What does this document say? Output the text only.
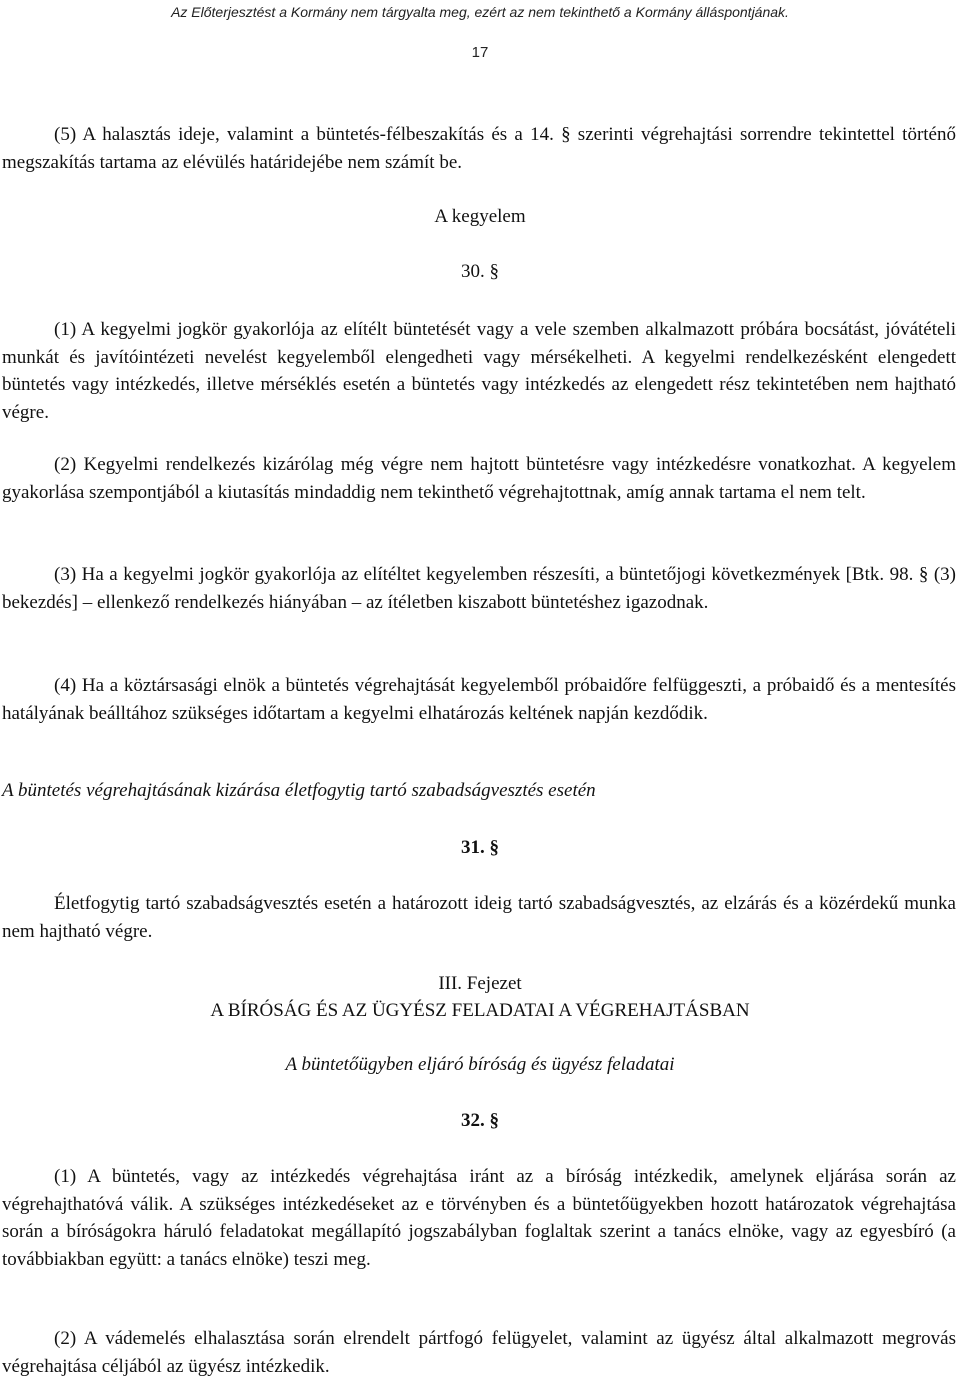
Az Előterjesztést a Kormány nem tárgyalta meg, ezért az nem tekinthető a Kormány álláspontjának.
17
(5) A halasztás ideje, valamint a büntetés-félbeszakítás és a 14. § szerinti végrehajtási sorrendre tekintettel történő megszakítás tartama az elévülés határidejébe nem számít be.
A kegyelem
30. §
(1) A kegyelmi jogkör gyakorlója az elítélt büntetését vagy a vele szemben alkalmazott próbára bocsátást, jóvátételi munkát és javítóintézeti nevelést kegyelemből elengedheti vagy mérsékelheti. A kegyelmi rendelkezésként elengedett büntetés vagy intézkedés, illetve mérséklés esetén a büntetés vagy intézkedés az elengedett rész tekintetében nem hajtható végre.
(2) Kegyelmi rendelkezés kizárólag még végre nem hajtott büntetésre vagy intézkedésre vonatkozhat. A kegyelem gyakorlása szempontjából a kiutasítás mindaddig nem tekinthető végrehajtottnak, amíg annak tartama el nem telt.
(3) Ha a kegyelmi jogkör gyakorlója az elítéltet kegyelemben részesíti, a büntetőjogi következmények [Btk. 98. § (3) bekezdés] – ellenkező rendelkezés hiányában – az ítéletben kiszabott büntetéshez igazodnak.
(4) Ha a köztársasági elnök a büntetés végrehajtását kegyelemből próbaidőre felfüggeszti, a próbaidő és a mentesítés hatályának beálltához szükséges időtartam a kegyelmi elhatározás keltének napján kezdődik.
A büntetés végrehajtásának kizárása életfogytig tartó szabadságvesztés esetén
31. §
Életfogytig tartó szabadságvesztés esetén a határozott ideig tartó szabadságvesztés, az elzárás és a közérdekű munka nem hajtható végre.
III. Fejezet
A BÍRÓSÁG ÉS AZ ÜGYÉSZ FELADATAI A VÉGREHAJTÁSBAN
A büntetőügyben eljáró bíróság és ügyész feladatai
32. §
(1) A büntetés, vagy az intézkedés végrehajtása iránt az a bíróság intézkedik, amelynek eljárása során az végrehajthatóvá válik. A szükséges intézkedéseket az e törvényben és a büntetőügyekben hozott határozatok végrehajtása során a bíróságokra háruló feladatokat megállapító jogszabályban foglaltak szerint a tanács elnöke, vagy az egyesbíró (a továbbiakban együtt: a tanács elnöke) teszi meg.
(2) A vádemelés elhalasztása során elrendelt pártfogó felügyelet, valamint az ügyész által alkalmazott megrovás végrehajtása céljából az ügyész intézkedik.
